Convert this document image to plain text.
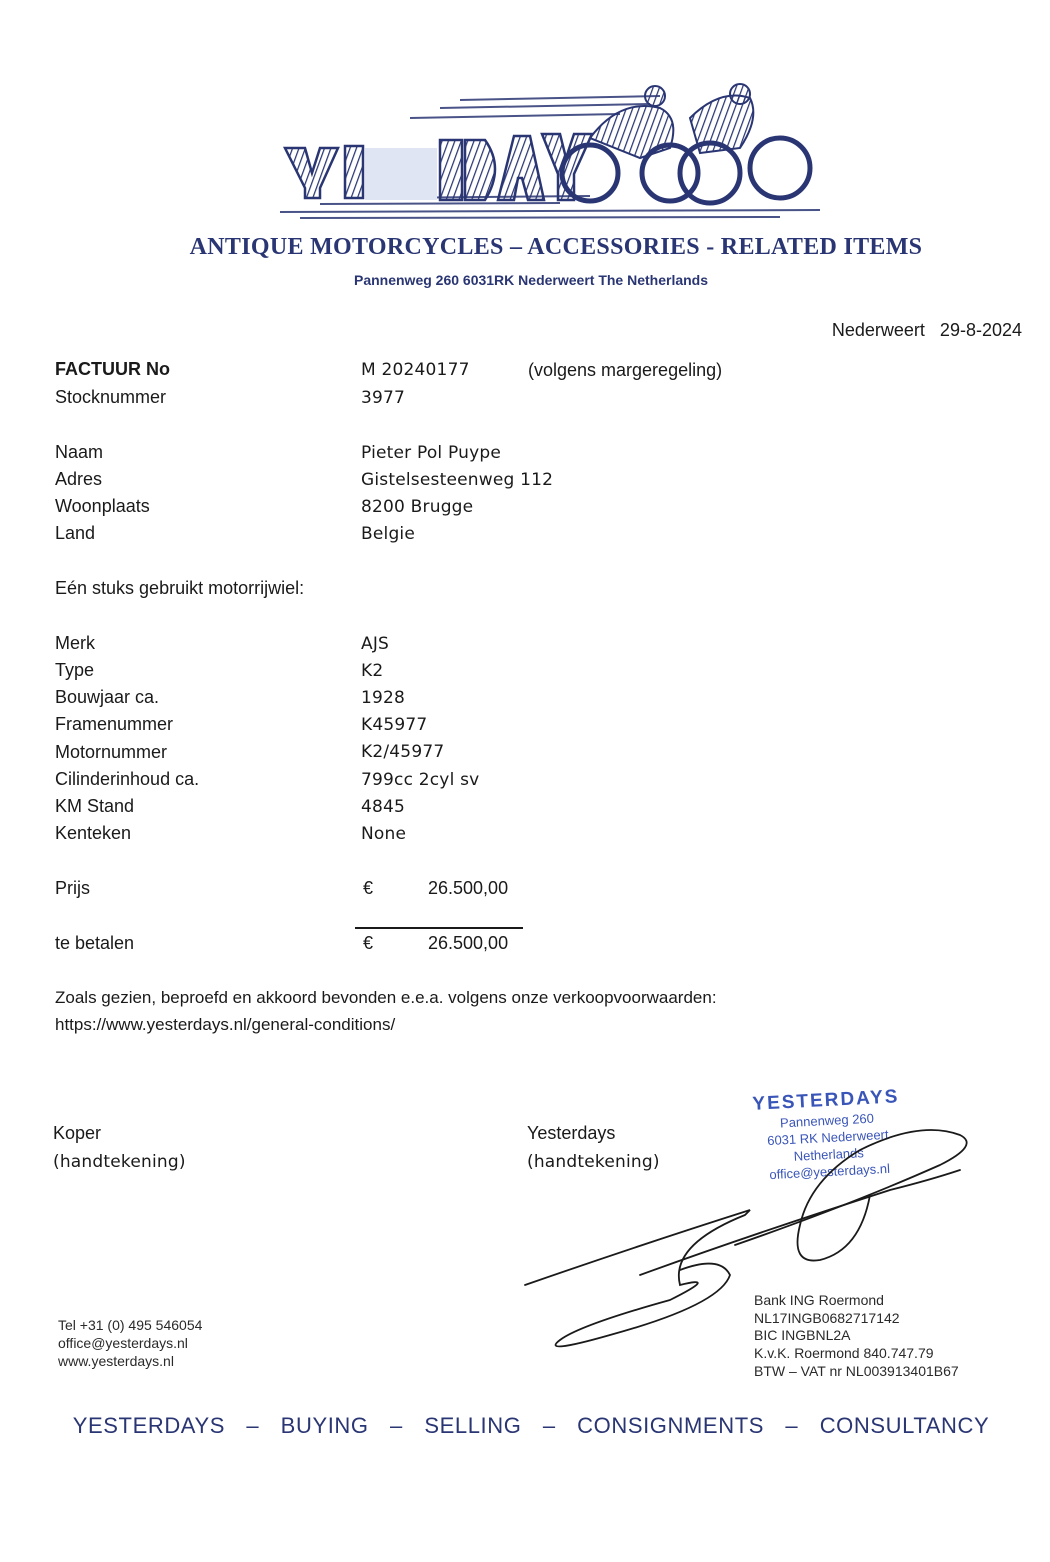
ANTIQUE MOTORCYCLES – ACCESSORIES - RELATED ITEMS
Pannenweg 260 6031RK Nederweert The Netherlands
Nederweert   29-8-2024
FACTUUR No	M 20240177	(volgens margeregeling)
Stocknummer	3977
Naam	Pieter Pol Puype
Adres	Gistelsesteenweg 112
Woonplaats	8200 Brugge
Land	Belgie
Eén stuks gebruikt motorrijwiel:
Merk	AJS
Type	K2
Bouwjaar ca.	1928
Framenummer	K45977
Motornummer	K2/45977
Cilinderinhoud ca.	799cc 2cyl sv
KM Stand	4845
Kenteken	None
Prijs	€	26.500,00
te betalen	€	26.500,00
Zoals gezien, beproefd en akkoord bevonden e.e.a. volgens onze verkoopvoorwaarden:
https://www.yesterdays.nl/general-conditions/
Koper
(handtekening)
Yesterdays
(handtekening)
YESTERDAYS
Pannenweg 260
6031 RK Nederweert
Netherlands
office@yesterdays.nl
Tel +31 (0) 495 546054
office@yesterdays.nl
www.yesterdays.nl
Bank ING Roermond
NL17INGB0682717142
BIC INGBNL2A
K.v.K. Roermond 840.747.79
BTW – VAT nr NL003913401B67
YESTERDAYS  –  BUYING  –  SELLING  –  CONSIGNMENTS  –  CONSULTANCY
